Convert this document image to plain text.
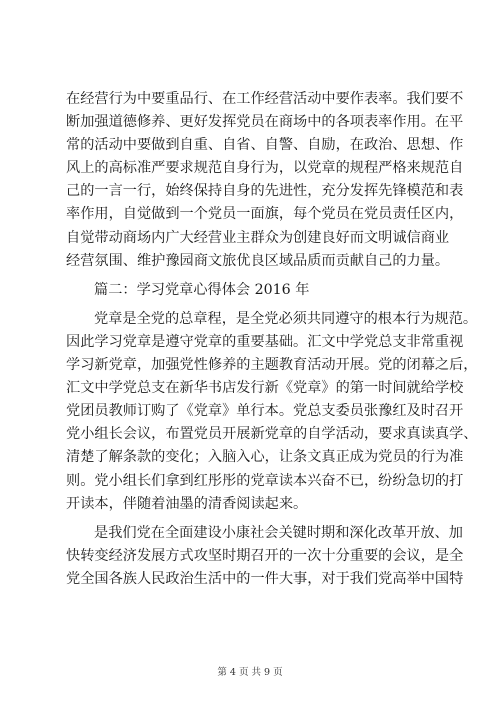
在经营行为中要重品行、在工作经营活动中要作表率。我们要不
断加强道德修养、更好发挥党员在商场中的各项表率作用。在平
常的活动中要做到自重、自省、自警、自励，在政治、思想、作
风上的高标准严要求规范自身行为，以党章的规程严格来规范自
己的一言一行，始终保持自身的先进性，充分发挥先锋模范和表
率作用，自觉做到一个党员一面旗，每个党员在党员责任区内，
自觉带动商场内广大经营业主群众为创建良好而文明诚信商业
经营氛围、维护豫园商文旅优良区域品质而贡献自己的力量。
篇二：学习党章心得体会 2016 年
党章是全党的总章程，是全党必须共同遵守的根本行为规范。
因此学习党章是遵守党章的重要基础。汇文中学党总支非常重视
学习新党章，加强党性修养的主题教育活动开展。党的闭幕之后，
汇文中学党总支在新华书店发行新《党章》的第一时间就给学校
党团员教师订购了《党章》单行本。党总支委员张豫红及时召开
党小组长会议，布置党员开展新党章的自学活动，要求真读真学、
清楚了解条款的变化；入脑入心，让条文真正成为党员的行为准
则。党小组长们拿到红彤彤的党章读本兴奋不已，纷纷急切的打
开读本，伴随着油墨的清香阅读起来。
是我们党在全面建设小康社会关键时期和深化改革开放、加
快转变经济发展方式攻坚时期召开的一次十分重要的会议，是全
党全国各族人民政治生活中的一件大事，对于我们党高举中国特
第 4 页 共 9 页
